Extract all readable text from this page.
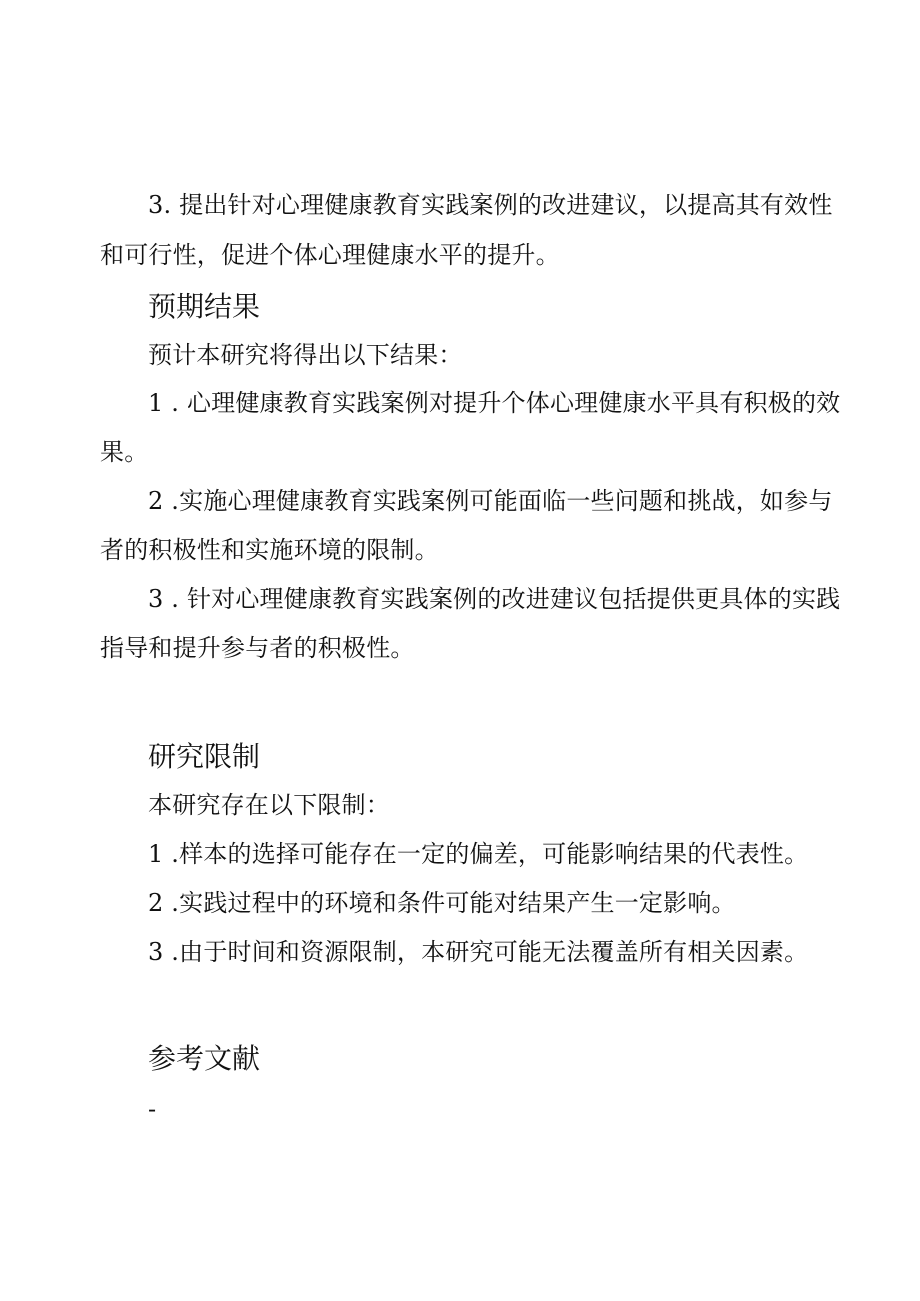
3. 提出针对心理健康教育实践案例的改进建议，以提高其有效性
和可行性，促进个体心理健康水平的提升。
预期结果
预计本研究将得出以下结果：
1 . 心理健康教育实践案例对提升个体心理健康水平具有积极的效
果。
2 .实施心理健康教育实践案例可能面临一些问题和挑战，如参与
者的积极性和实施环境的限制。
3 . 针对心理健康教育实践案例的改进建议包括提供更具体的实践
指导和提升参与者的积极性。
研究限制
本研究存在以下限制：
1 .样本的选择可能存在一定的偏差，可能影响结果的代表性。
2 .实践过程中的环境和条件可能对结果产生一定影响。
3 .由于时间和资源限制，本研究可能无法覆盖所有相关因素。
参考文献
-
